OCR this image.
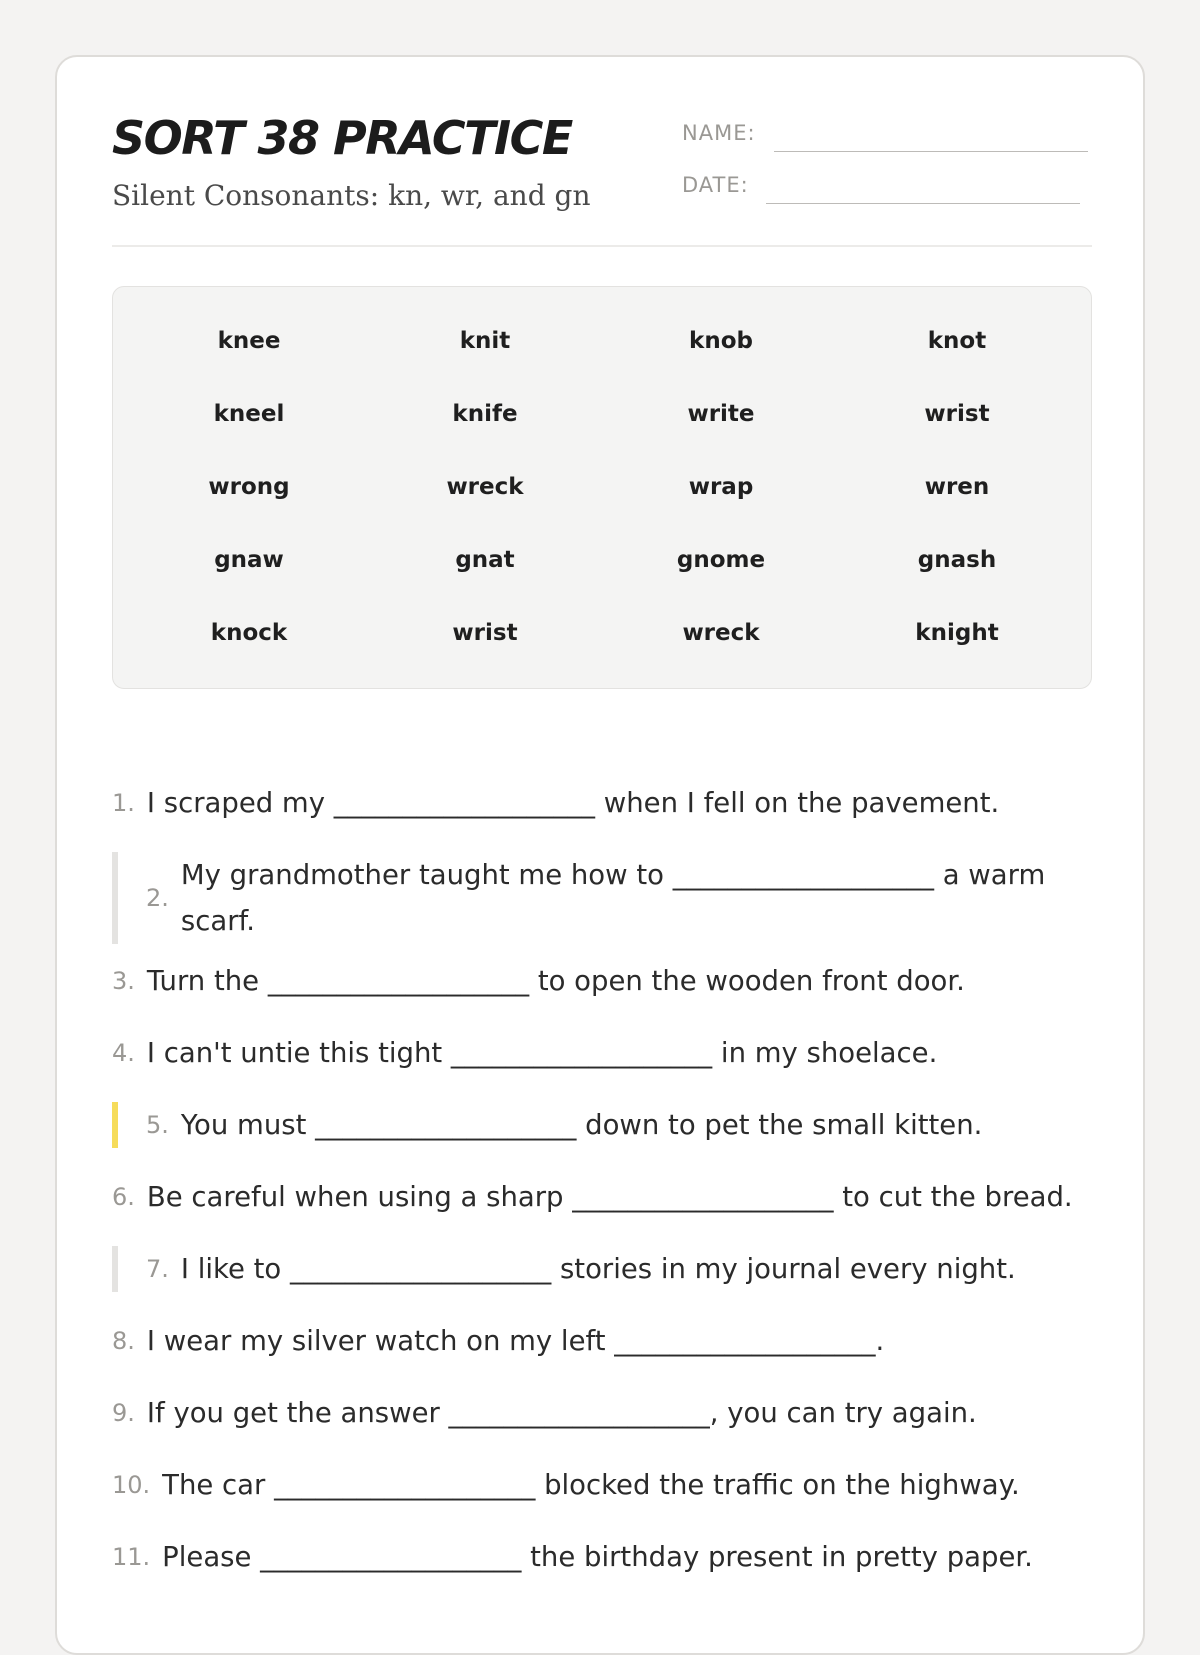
SORT 38 PRACTICE
Silent Consonants: kn, wr, and gn
NAME:
DATE:
knee	knit	knob	knot
kneel	knife	write	wrist
wrong	wreck	wrap	wren
gnaw	gnat	gnome	gnash
knock	wrist	wreck	knight
1. I scraped my ___________________ when I fell on the pavement.
2.
My grandmother taught me how to ___________________ a warm scarf.
3. Turn the ___________________ to open the wooden front door.
4. I can't untie this tight ___________________ in my shoelace.
5. You must ___________________ down to pet the small kitten.
6. Be careful when using a sharp ___________________ to cut the bread.
7. I like to ___________________ stories in my journal every night.
8. I wear my silver watch on my left ___________________.
9. If you get the answer ___________________, you can try again.
10. The car ___________________ blocked the traffic on the highway.
11. Please ___________________ the birthday present in pretty paper.
